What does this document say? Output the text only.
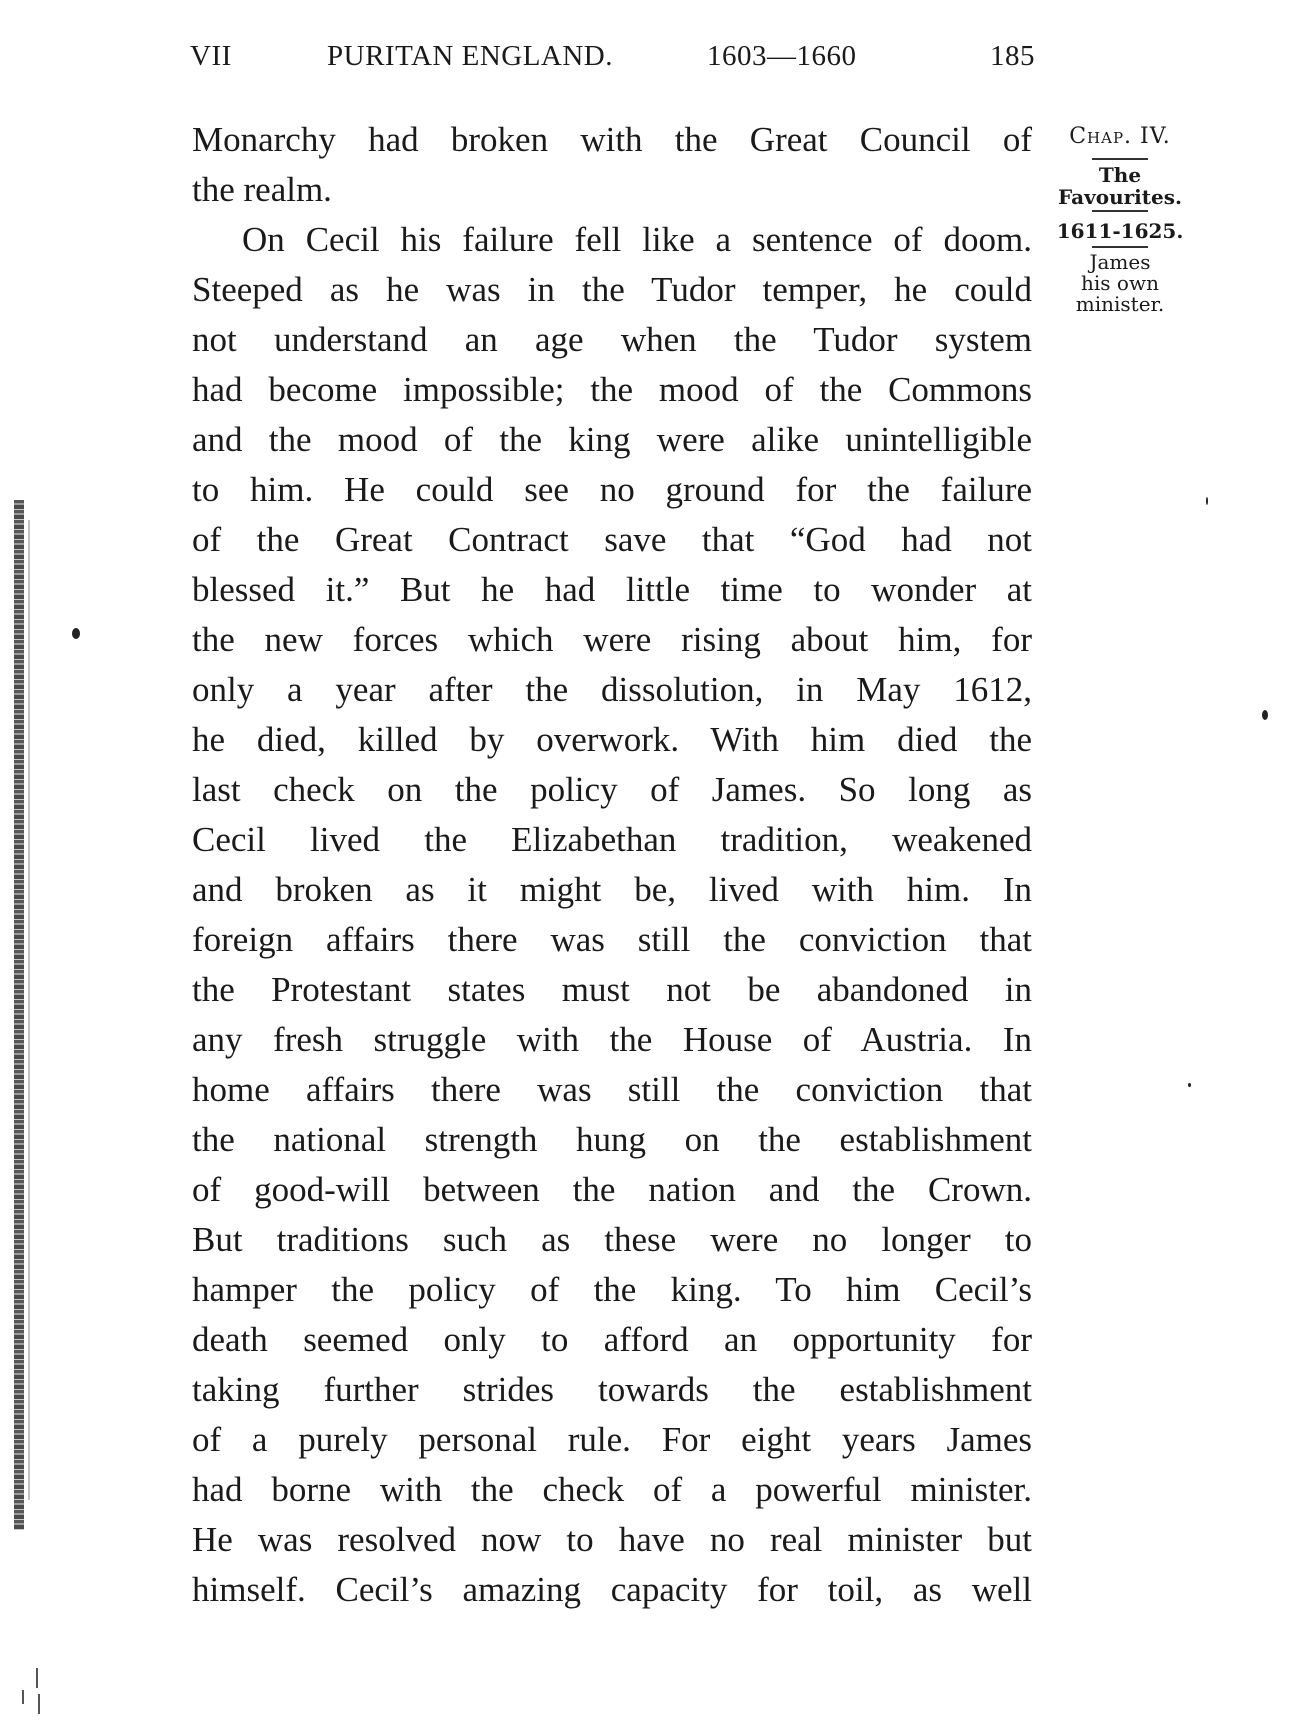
VII	PURITAN ENGLAND.	1603—1660	185
Chap. IV.
The
Favourites.
1611-1625.
James
his own
minister.
Monarchy had broken with the Great Council of
the realm.
On Cecil his failure fell like a sentence of doom.
Steeped as he was in the Tudor temper, he could
not understand an age when the Tudor system
had become impossible; the mood of the Commons
and the mood of the king were alike unintelligible
to him. He could see no ground for the failure
of the Great Contract save that “God had not
blessed it.” But he had little time to wonder at
the new forces which were rising about him, for
only a year after the dissolution, in May 1612,
he died, killed by overwork. With him died the
last check on the policy of James. So long as
Cecil lived the Elizabethan tradition, weakened
and broken as it might be, lived with him. In
foreign affairs there was still the conviction that
the Protestant states must not be abandoned in
any fresh struggle with the House of Austria. In
home affairs there was still the conviction that
the national strength hung on the establishment
of good-will between the nation and the Crown.
But traditions such as these were no longer to
hamper the policy of the king. To him Cecil’s
death seemed only to afford an opportunity for
taking further strides towards the establishment
of a purely personal rule. For eight years James
had borne with the check of a powerful minister.
He was resolved now to have no real minister but
himself. Cecil’s amazing capacity for toil, as well
